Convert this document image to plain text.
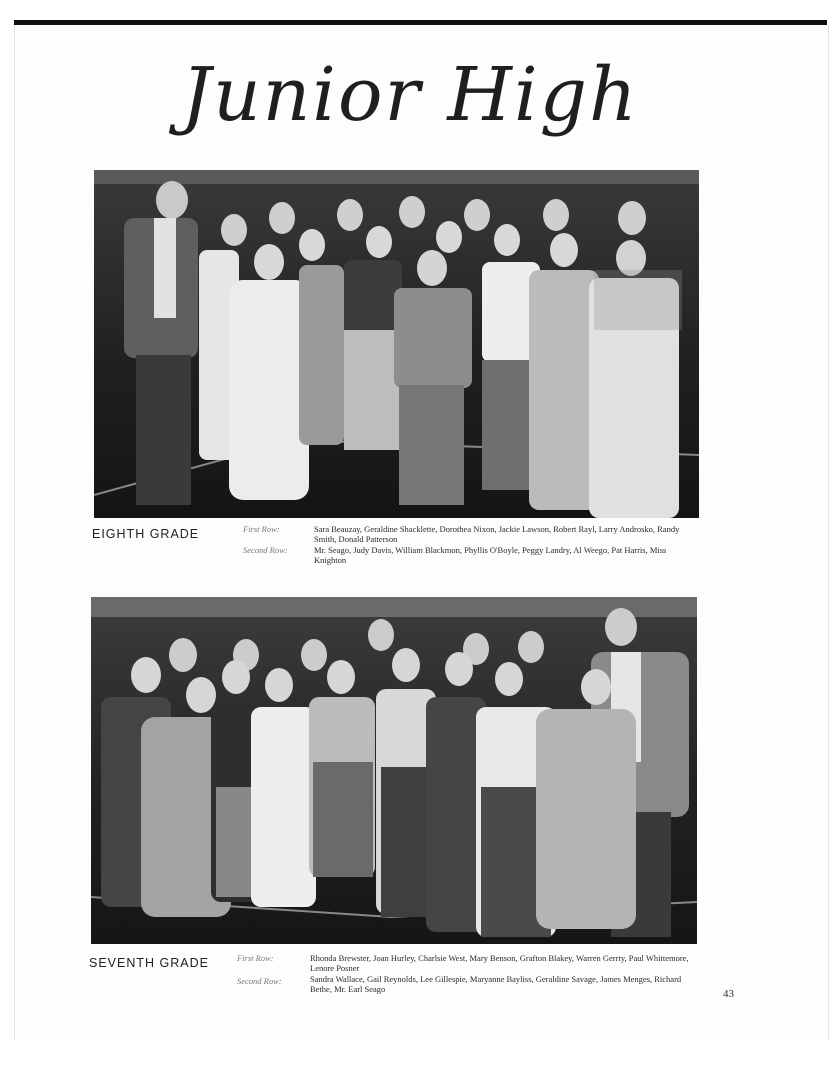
Junior High
EIGHTH GRADE	First Row:	Sara Beauzay, Geraldine Shacklette, Dorothea Nixon, Jackie Lawson, Robert Rayl, Larry Androsko, Randy Smith, Donald Patterson
Second Row:	Mr. Seago, Judy Davis, William Blackmon, Phyllis O'Boyle, Peggy Landry, Al Weego, Pat Harris, Miss Knighton
SEVENTH GRADE	First Row:	Rhonda Brewster, Joan Hurley, Charlsie West, Mary Benson, Grafton Blakey, Warren Gerrty, Paul Whittemore, Lenore Posner
Second Row:	Sandra Wallace, Gail Reynolds, Lee Gillespie, Maryanne Bayliss, Geraldine Savage, James Menges, Richard Bethe, Mr. Earl Seago	43
